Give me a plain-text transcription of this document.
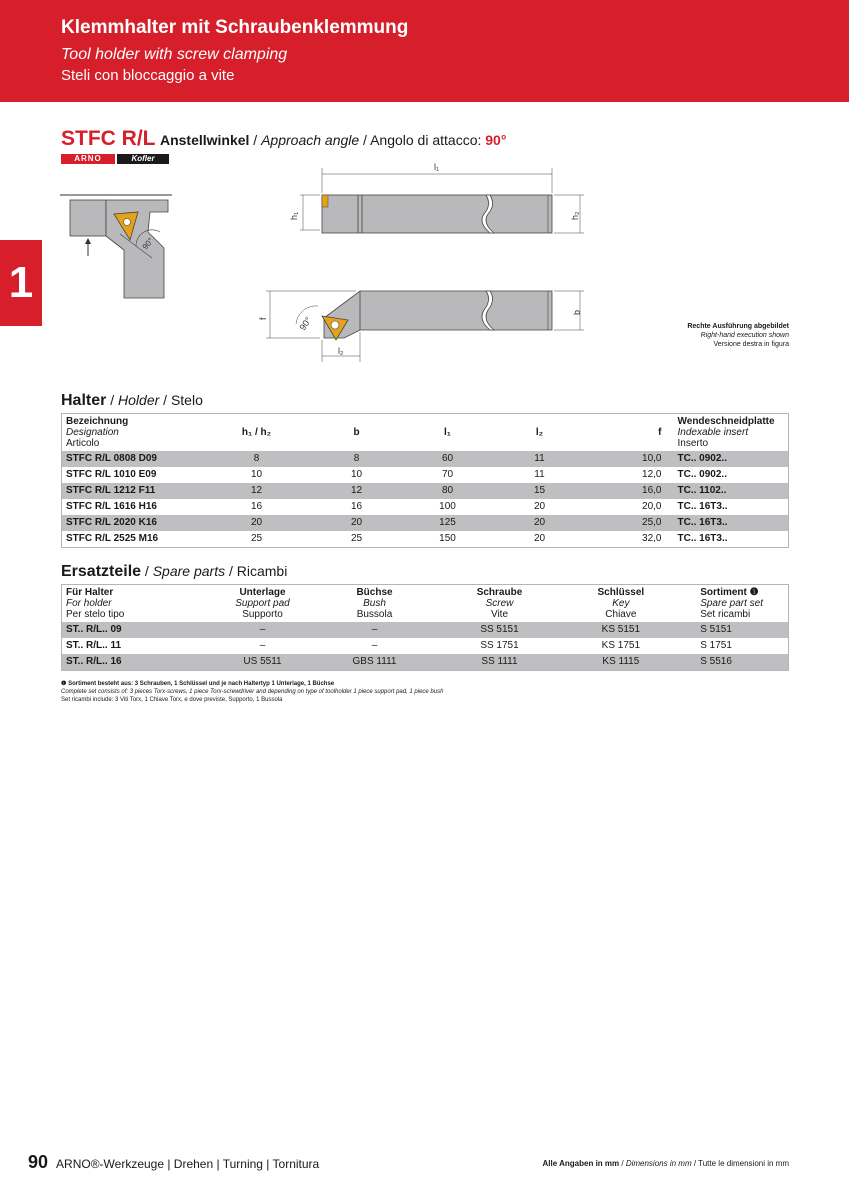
Klemmhalter mit Schraubenklemmung
Tool holder with screw clamping
Steli con bloccaggio a vite
1
STFC R/L Anstellwinkel / Approach angle / Angolo di attacco: 90°
ARNO	Kofler
90°
l₁
h₁	h₂
b
f
l₂
90°	Rechte Ausführung abgebildet
Right-hand execution shown
Versione destra in figura
Halter / Holder / Stelo
Bezeichnung
Designation
Articolo	h₁ / h₂	b	l₁	l₂	f	Wendeschneidplatte
Indexable insert
Inserto

STFC R/L 0808 D09	8	8	60	11	10,0	TC.. 0902..
STFC R/L 1010 E09	10	10	70	11	12,0	TC.. 0902..
STFC R/L 1212 F11	12	12	80	15	16,0	TC.. 1102..
STFC R/L 1616 H16	16	16	100	20	20,0	TC.. 16T3..
STFC R/L 2020 K16	20	20	125	20	25,0	TC.. 16T3..
STFC R/L 2525 M16	25	25	150	20	32,0	TC.. 16T3..
Ersatzteile / Spare parts / Ricambi
Für Halter
For holder
Per stelo tipo	Unterlage
Support pad
Supporto	Büchse
Bush
Bussola	Schraube
Screw
Vite	Schlüssel
Key
Chiave	Sortiment ❶
Spare part set
Set ricambi

ST.. R/L.. 09	–	–	SS 5151	KS 5151	S 5151
ST.. R/L.. 11	–	–	SS 1751	KS 1751	S 1751
ST.. R/L.. 16	US 5511	GBS 1111	SS 1111	KS 1115	S 5516
❶ Sortiment besteht aus: 3 Schrauben, 1 Schlüssel und je nach Haltertyp 1 Unterlage, 1 Büchse
Complete set consists of: 3 pieces Torx-screws, 1 piece Torx-screwdriver and depending on type of toolholder 1 piece support pad, 1 piece bush
Set ricambi include: 3 Viti Torx, 1 Chiave Torx, e dove previste, Supporto, 1 Bussola
90 ARNO®-Werkzeuge | Drehen | Turning | Tornitura	Alle Angaben in mm / Dimensions in mm / Tutte le dimensioni in mm
